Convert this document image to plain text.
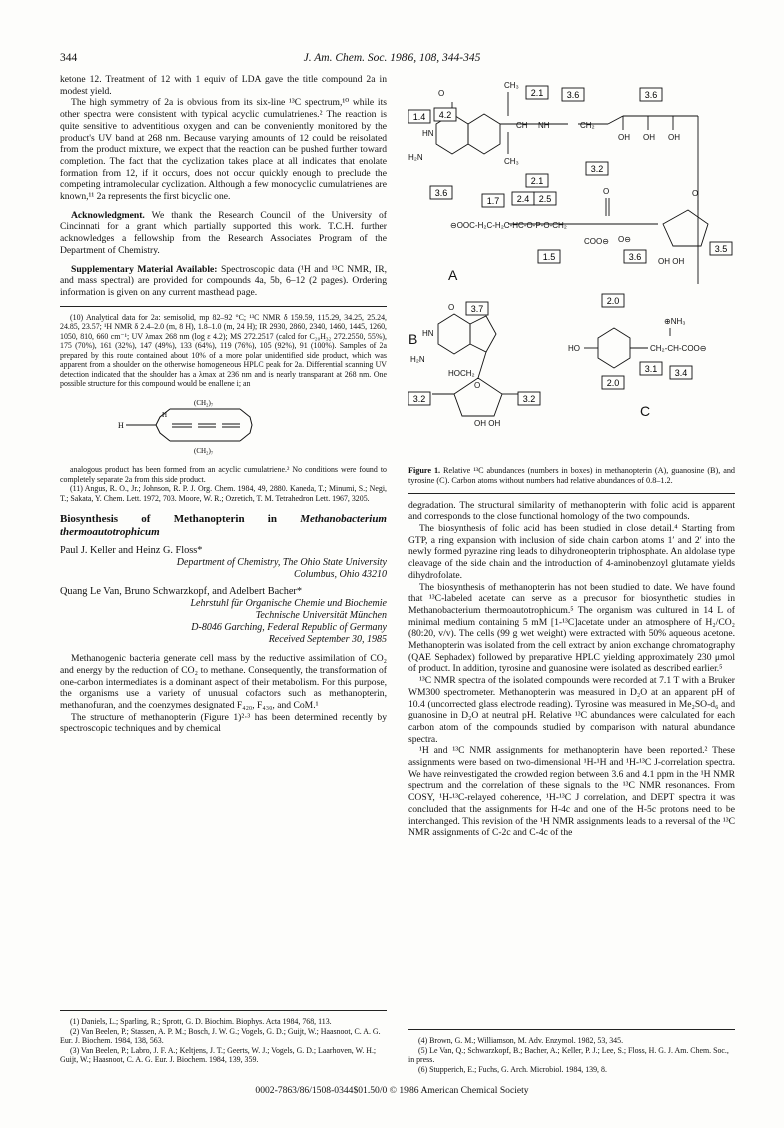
344	J. Am. Chem. Soc. 1986, 108, 344-345

ketone 12. Treatment of 12 with 1 equiv of LDA gave the title compound 2a in modest yield.

The high symmetry of 2a is obvious from its six-line ¹³C spectrum,¹⁰ while its other spectra were consistent with typical acyclic cumulatrienes.² The reaction is quite sensitive to adventitious oxygen and can be conveniently monitored by the product's UV band at 268 nm. Because varying amounts of 12 could be reisolated from the product mixture, we expect that the reaction can be pushed further toward completion. The fact that the cyclization takes place at all indicates that enolate formation from 12, if it occurs, does not occur quickly enough to preclude the competing intramolecular cyclization. Although a few monocyclic cumulatrienes are known,¹¹ 2a represents the first bicyclic one.

Acknowledgment. We thank the Research Council of the University of Cincinnati for a grant which partially supported this work. T.C.H. further acknowledges a fellowship from the Research Associates Program of the Department of Chemistry.

Supplementary Material Available: Spectroscopic data (¹H and ¹³C NMR, IR, and mass spectral) are provided for compounds 4a, 5b, 6–12 (2 pages). Ordering information is given on any current masthead page.

(10) Analytical data for 2a: semisolid, mp 82–92 °C; ¹³C NMR δ 159.59, 115.29, 34.25, 25.24, 24.85, 23.57; ¹H NMR δ 2.4–2.0 (m, 8 H), 1.8–1.0 (m, 24 H); IR 2930, 2860, 2340, 1460, 1445, 1260, 1050, 810, 660 cm⁻¹; UV λmax 268 nm (log ε 4.2); MS 272.2517 (calcd for C₂₀H₃₂ 272.2550, 55%), 175 (70%), 161 (32%), 147 (49%), 133 (64%), 119 (76%), 105 (92%), 91 (100%). Samples of 2a prepared by this route contained about 10% of a more polar unidentified side product, which was apparent from a shoulder on the otherwise homogeneous HPLC peak for 2a. Differential scanning UV detection indicated that the shoulder has a λmax at 236 nm and is nearly transparant at 268 nm. One possible structure for this compound would be enallene i; an

H
H
(CH₂)₇
(CH₂)₇

analogous product has been formed from an acyclic cumulatriene.² No conditions were found to completely separate 2a from this side product.

(11) Angus, R. O., Jr.; Johnson, R. P. J. Org. Chem. 1984, 49, 2880. Kaneda, T.; Minumi, S.; Negi, T.; Sakata, Y. Chem. Lett. 1972, 703. Moore, W. R.; Ozretich, T. M. Tetrahedron Lett. 1967, 3205.

Biosynthesis of Methanopterin in Methanobacterium thermoautotrophicum
Paul J. Keller and Heinz G. Floss*
Department of Chemistry, The Ohio State University
Columbus, Ohio 43210
Quang Le Van, Bruno Schwarzkopf, and Adelbert Bacher*
Lehrstuhl für Organische Chemie und Biochemie
Technische Universität München
D-8046 Garching, Federal Republic of Germany
Received September 30, 1985

Methanogenic bacteria generate cell mass by the reductive assimilation of CO₂ and energy by the reduction of CO₂ to methane. Consequently, the transformation of one-carbon intermediates is a dominant aspect of their metabolism. For this purpose, the organisms use a variety of unusual cofactors such as methanopterin, methanofuran, and the coenzymes designated F₄₂₀, F₄₃₀, and CoM.¹

The structure of methanopterin (Figure 1)²·³ has been determined recently by spectroscopic techniques and by chemical

(1) Daniels, L.; Sparling, R.; Sprott, G. D. Biochim. Biophys. Acta 1984, 768, 113.

(2) Van Beelen, P.; Stassen, A. P. M.; Bosch, J. W. G.; Vogels, G. D.; Guijt, W.; Haasnoot, C. A. G. Eur. J. Biochem. 1984, 138, 563.

(3) Van Beelen, P.; Labro, J. F. A.; Keltjens, J. T.; Geerts, W. J.; Vogels, G. D.; Laarhoven, W. H.; Guijt, W.; Haasnoot, C. A. G. Eur. J. Biochem. 1984, 139, 359.

O
HN
H₂N
CH₃
CH NH
CH₃
CH₂
OH OH OH
⊖OOC-H₂C-H₂C-HC-O-P-O-CH₂
O	O
O⊖
COO⊖
OH OH
O
HN
H₂N
HOCH₂
OH OH
O
HO	CH₂-CH-COO⊖
⊕NH₃
1.4 4.2
2.1	3.6	3.6
3.2
2.1
3.6
1.7 2.4 2.5
1.5	3.6
3.5
3.7
3.2	3.2
2.0
2.0
3.1 3.4
A
B
C
Figure 1. Relative ¹³C abundances (numbers in boxes) in methanopterin (A), guanosine (B), and tyrosine (C). Carbon atoms without numbers had relative abundances of 0.8–1.2.

degradation. The structural similarity of methanopterin with folic acid is apparent and corresponds to the close functional homology of the two compounds.

The biosynthesis of folic acid has been studied in close detail.⁴ Starting from GTP, a ring expansion with inclusion of side chain carbon atoms 1′ and 2′ into the newly formed pyrazine ring leads to dihydroneopterin triphosphate. An aldolase type cleavage of the side chain and the introduction of 4-aminobenzoyl glutamate yields dihydrofolate.

The biosynthesis of methanopterin has not been studied to date. We have found that ¹³C-labeled acetate can serve as a precusor for biosynthetic studies in Methanobacterium thermoautotrophicum.⁵ The organism was cultured in 14 L of minimal medium containing 5 mM [1-¹³C]acetate under an atmosphere of H₂/CO₂ (80:20, v/v). The cells (99 g wet weight) were extracted with 50% aqueous acetone. Methanopterin was isolated from the cell extract by anion exchange chromatography (QAE Sephadex) followed by preparative HPLC yielding approximately 230 μmol of product. In addition, tyrosine and guanosine were isolated as described earlier.⁵

¹³C NMR spectra of the isolated compounds were recorded at 7.1 T with a Bruker WM300 spectrometer. Methanopterin was measured in D₂O at an apparent pH of 10.4 (uncorrected glass electrode reading). Tyrosine was measured in Me₂SO-d₆ and guanosine in D₂O at neutral pH. Relative ¹³C abundances were calculated for each carbon atom of the compounds studied by comparison with natural abundance spectra.

¹H and ¹³C NMR assignments for methanopterin have been reported.² These assignments were based on two-dimensional ¹H-¹H and ¹H-¹³C J-correlation spectra. We have reinvestigated the crowded region between 3.6 and 4.1 ppm in the ¹H NMR spectrum and the correlation of these signals to the ¹³C NMR resonances. From COSY, ¹H-¹³C-relayed coherence, ¹H-¹³C J correlation, and DEPT spectra it was concluded that the assignments for H-4c and one of the H-5c protons need to be interchanged. This revision of the ¹H NMR assignments leads to a reversal of the ¹³C NMR assignments of C-2c and C-4c of the

(4) Brown, G. M.; Williamson, M. Adv. Enzymol. 1982, 53, 345.

(5) Le Van, Q.; Schwarzkopf, B.; Bacher, A.; Keller, P. J.; Lee, S.; Floss, H. G. J. Am. Chem. Soc., in press.

(6) Stupperich, E.; Fuchs, G. Arch. Microbiol. 1984, 139, 8.

0002-7863/86/1508-0344$01.50/0 © 1986 American Chemical Society
